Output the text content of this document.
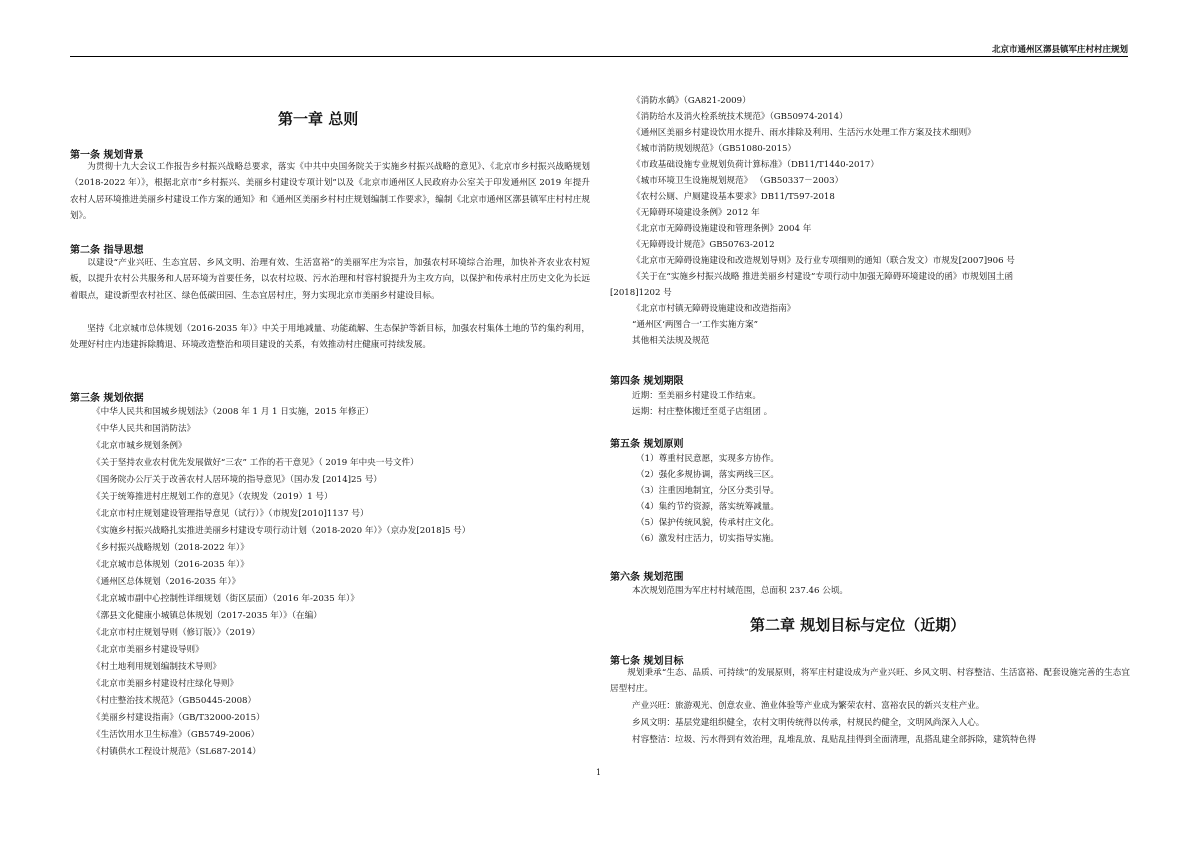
北京市通州区漷县镇军庄村村庄规划
第一章 总则
第一条 规划背景
为贯彻十九大会议工作报告乡村振兴战略总要求，落实《中共中央国务院关于实施乡村振兴战略的意见》、《北京市乡村振兴战略规划（2018-2022 年）》，根据北京市“乡村振兴、美丽乡村建设专项计划”以及《北京市通州区人民政府办公室关于印发通州区 2019 年提升农村人居环境推进美丽乡村建设工作方案的通知》和《通州区美丽乡村村庄规划编制工作要求》，编制《北京市通州区漷县镇军庄村村庄规划》。
第二条 指导思想
以建设“产业兴旺、生态宜居、乡风文明、治理有效、生活富裕”的美丽军庄为宗旨，加强农村环境综合治理，加快补齐农业农村短板，以提升农村公共服务和人居环境为首要任务，以农村垃圾、污水治理和村容村貌提升为主攻方向，以保护和传承村庄历史文化为长远着眼点，建设新型农村社区、绿色低碳田园、生态宜居村庄，努力实现北京市美丽乡村建设目标。
坚持《北京城市总体规划（2016-2035 年）》中关于用地减量、功能疏解、生态保护等新目标，加强农村集体土地的节约集约利用，处理好村庄内违建拆除腾退、环境改造整治和项目建设的关系，有效推动村庄健康可持续发展。
第三条 规划依据
《中华人民共和国城乡规划法》（2008 年 1 月 1 日实施，2015 年修正）
《中华人民共和国消防法》
《北京市城乡规划条例》
《关于坚持农业农村优先发展做好“三农” 工作的若干意见》（ 2019 年中央一号文件）
《国务院办公厅关于改善农村人居环境的指导意见》（国办发 [2014]25 号）
《关于统筹推进村庄规划工作的意见》（农规发（2019）1 号）
《北京市村庄规划建设管理指导意见（试行）》（市规发[2010]1137 号）
《实施乡村振兴战略扎实推进美丽乡村建设专项行动计划（2018-2020 年）》（京办发[2018]5 号）
《乡村振兴战略规划（2018-2022 年）》
《北京城市总体规划（2016-2035 年）》
《通州区总体规划（2016-2035 年）》
《北京城市副中心控制性详细规划（街区层面）（2016 年-2035 年）》
《漷县文化健康小城镇总体规划（2017-2035 年）》（在编）
《北京市村庄规划导则（修订版）》（2019）
《北京市美丽乡村建设导则》
《村土地利用规划编制技术导则》
《北京市美丽乡村建设村庄绿化导则》
《村庄整治技术规范》（GB50445-2008）
《美丽乡村建设指南》（GB/T32000-2015）
《生活饮用水卫生标准》（GB5749-2006）
《村镇供水工程设计规范》（SL687-2014）
《消防水鹤》（GA821-2009）
《消防给水及消火栓系统技术规范》（GB50974-2014）
《通州区美丽乡村建设饮用水提升、雨水排除及利用、生活污水处理工作方案及技术细则》
《城市消防规划规范》（GB51080-2015）
《市政基础设施专业规划负荷计算标准》（DB11/T1440-2017）
《城市环境卫生设施规划规范》 （GB50337－2003）
《农村公厕、户厕建设基本要求》DB11/T597-2018
《无障碍环境建设条例》2012 年
《北京市无障碍设施建设和管理条例》2004 年
《无障碍设计规范》GB50763-2012
《北京市无障碍设施建设和改造规划导则》及行业专项细则的通知（联合发文）市规发[2007]906 号
《关于在“实施乡村振兴战略 推进美丽乡村建设”专项行动中加强无障碍环境建设的函》市规划国土函
[2018]1202 号
《北京市村镇无障碍设施建设和改造指南》
“通州区‘两图合一’工作实施方案”
其他相关法规及规范
第四条 规划期限
近期：至美丽乡村建设工作结束。
远期：村庄整体搬迁至觅子店组团 。
第五条 规划原则
（1）尊重村民意愿，实现多方协作。
（2）强化多规协调，落实两线三区。
（3）注重因地制宜，分区分类引导。
（4）集约节约资源，落实统筹减量。
（5）保护传统风貌，传承村庄文化。
（6）激发村庄活力，切实指导实施。
第六条 规划范围
本次规划范围为军庄村村域范围，总面积 237.46 公顷。
第二章 规划目标与定位（近期）
第七条 规划目标
规划秉承“生态、品质、可持续”的发展原则，将军庄村建设成为产业兴旺、乡风文明、村容整洁、生活富裕、配套设施完善的生态宜居型村庄。
产业兴旺：旅游观光、创意农业、渔业体验等产业成为繁荣农村、富裕农民的新兴支柱产业。
乡风文明：基层党建组织健全，农村文明传统得以传承，村规民约健全，文明风尚深入人心。
村容整洁：垃圾、污水得到有效治理，乱堆乱放、乱贴乱挂得到全面清理，乱搭乱建全部拆除，建筑特色得
1
